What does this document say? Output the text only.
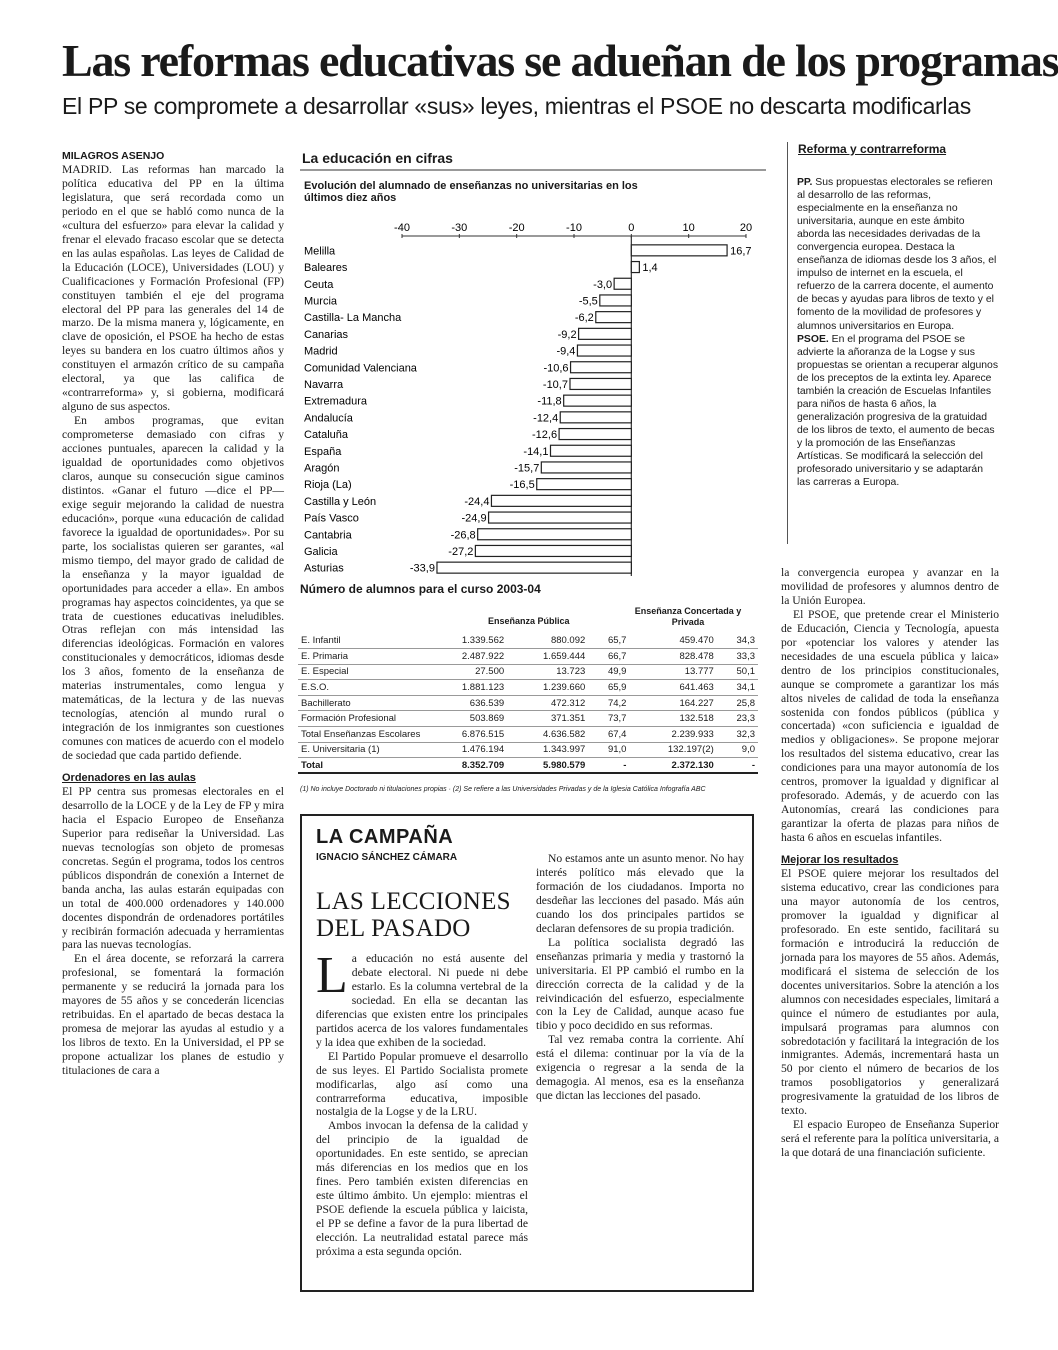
Las reformas educativas se adueñan de los programas
El PP se compromete a desarrollar «sus» leyes, mientras el PSOE no descarta modificarlas

MILAGROS ASENJO

MADRID. Las reformas han marcado la política educativa del PP en la última legislatura, que será recordada como un periodo en el que se habló como nunca de la «cultura del esfuerzo» para elevar la calidad y frenar el elevado fracaso escolar que se detecta en las aulas españolas. Las leyes de Calidad de la Educación (LOCE), Universidades (LOU) y Cualificaciones y Formación Profesional (FP) constituyen también el eje del programa electoral del PP para las generales del 14 de marzo. De la misma manera y, lógicamente, en clave de oposición, el PSOE ha hecho de estas leyes su bandera en los cuatro últimos años y constituyen el armazón crítico de su campaña electoral, ya que las califica de «contrarreforma» y, si gobierna, modificará alguno de sus aspectos.

En ambos programas, que evitan comprometerse demasiado con cifras y acciones puntuales, aparecen la calidad y la igualdad de oportunidades como objetivos claros, aunque su consecución sigue caminos distintos. «Ganar el futuro —dice el PP— exige seguir mejorando la calidad de nuestra educación», porque «una educación de calidad favorece la igualdad de oportunidades». Por su parte, los socialistas quieren ser garantes, «al mismo tiempo, del mayor grado de calidad de la enseñanza y la mayor igualdad de oportunidades para acceder a ella». En ambos programas hay aspectos coincidentes, ya que se trata de cuestiones educativas ineludibles. Otras reflejan con más intensidad las diferencias ideológicas. Formación en valores constitucionales y democráticos, idiomas desde los 3 años, fomento de la enseñanza de materias instrumentales, como lengua y matemáticas, de la lectura y de las nuevas tecnologías, atención al mundo rural o integración de los inmigrantes son cuestiones comunes con matices de acuerdo con el modelo de sociedad que cada partido defiende.

Ordenadores en las aulas

El PP centra sus promesas electorales en el desarrollo de la LOCE y de la Ley de FP y mira hacia el Espacio Europeo de Enseñanza Superior para rediseñar la Universidad. Las nuevas tecnologías son objeto de promesas concretas. Según el programa, todos los centros públicos dispondrán de conexión a Internet de banda ancha, las aulas estarán equipadas con un total de 400.000 ordenadores y 140.000 docentes dispondrán de ordenadores portátiles y recibirán formación adecuada y herramientas para las nuevas tecnologías.

En el área docente, se reforzará la carrera profesional, se fomentará la formación permanente y se reducirá la jornada para los mayores de 55 años y se concederán licencias retribuidas. En el apartado de becas destaca la promesa de mejorar las ayudas al estudio y a los libros de texto. En la Universidad, el PP se propone actualizar los planes de estudio y titulaciones de cara a

-40	-30	-20	-10	0	10	20
Melilla	16,7
Baleares	1,4
Ceuta	-3,0
Murcia	-5,5
Castilla- La Mancha	-6,2
Canarias	-9,2
Madrid	-9,4
Comunidad Valenciana	-10,6
Navarra	-10,7
Extremadura	-11,8
Andalucía	-12,4
Cataluña	-12,6
España	-14,1
Aragón	-15,7
Rioja (La)	-16,5
Castilla y León	-24,4
País Vasco	-24,9
Cantabria	-26,8
Galicia	-27,2
Asturias	-33,9
La educación en cifras
Evolución del alumnado de enseñanzas no universitarias en los últimos diez años
Número de alumnos para el curso 2003-04
Enseñanza Pública
Enseñanza Concertada y Privada
E. Infantil	1.339.562	880.092	65,7	459.470	34,3
E. Primaria	2.487.922	1.659.444	66,7	828.478	33,3
E. Especial	27.500	13.723	49,9	13.777	50,1
E.S.O.	1.881.123	1.239.660	65,9	641.463	34,1
Bachillerato	636.539	472.312	74,2	164.227	25,8
Formación Profesional	503.869	371.351	73,7	132.518	23,3
Total Enseñanzas Escolares	6.876.515	4.636.582	67,4	2.239.933	32,3
E. Universitaria (1)	1.476.194	1.343.997	91,0	132.197(2)	9,0
Total	8.352.709	5.980.579	-	2.372.130	-
(1) No incluye Doctorado ni titulaciones propias · (2) Se refiere a las Universidades Privadas y de la Iglesia Católica Infografía ABC
Reforma y contrarreforma

PP. Sus propuestas electorales se refieren al desarrollo de las reformas, especialmente en la enseñanza no universitaria, aunque en este ámbito aborda las necesidades derivadas de la convergencia europea. Destaca la enseñanza de idiomas desde los 3 años, el impulso de internet en la escuela, el refuerzo de la carrera docente, el aumento de becas y ayudas para libros de texto y el fomento de la movilidad de profesores y alumnos universitarios en Europa.

PSOE. En el programa del PSOE se advierte la añoranza de la Logse y sus propuestas se orientan a recuperar algunos de los preceptos de la extinta ley. Aparece también la creación de Escuelas Infantiles para niños de hasta 6 años, la generalización progresiva de la gratuidad de los libros de texto, el aumento de becas y la promoción de las Enseñanzas Artísticas. Se modificará la selección del profesorado universitario y se adaptarán las carreras a Europa.

la convergencia europea y avanzar en la movilidad de profesores y alumnos dentro de la Unión Europea.

El PSOE, que pretende crear el Ministerio de Educación, Ciencia y Tecnología, apuesta por «potenciar los valores y atender las necesidades de una escuela pública y laica» dentro de los principios constitucionales, aunque se compromete a garantizar los más altos niveles de calidad de toda la enseñanza sostenida con fondos públicos (pública y concertada) «con suficiencia e igualdad de medios y obligaciones». Se propone mejorar los resultados del sistema educativo, crear las condiciones para una mayor autonomía de los centros, promover la igualdad y dignificar al profesorado. Además, y de acuerdo con las Autonomías, creará las condiciones para garantizar la oferta de plazas para niños de hasta 6 años en escuelas infantiles.

Mejorar los resultados

El PSOE quiere mejorar los resultados del sistema educativo, crear las condiciones para una mayor autonomía de los centros, promover la igualdad y dignificar al profesorado. En este sentido, facilitará su formación e introducirá la reducción de jornada para los mayores de 55 años. Además, modificará el sistema de selección de los docentes universitarios. Sobre la atención a los alumnos con necesidades especiales, limitará a quince el número de estudiantes por aula, impulsará programas para alumnos con sobredotación y facilitará la integración de los inmigrantes. Además, incrementará hasta un 50 por ciento el número de becarios de los tramos posobligatorios y generalizará progresivamente la gratuidad de los libros de texto.

El espacio Europeo de Enseñanza Superior será el referente para la política universitaria, a la que dotará de una financiación suficiente.

LA CAMPAÑA
IGNACIO SÁNCHEZ CÁMARA
LAS LECCIONES DEL PASADO

La educación no está ausente del debate electoral. Ni puede ni debe estarlo. Es la columna vertebral de la sociedad. En ella se decantan las diferencias que existen entre los principales partidos acerca de los valores fundamentales y la idea que exhiben de la sociedad.

El Partido Popular promueve el desarrollo de sus leyes. El Partido Socialista promete modificarlas, algo así como una contrarreforma educativa, imposible nostalgia de la Logse y de la LRU.

Ambos invocan la defensa de la calidad y del principio de la igualdad de oportunidades. En este sentido, se aprecian más diferencias en los medios que en los fines. Pero también existen diferencias en este último ámbito. Un ejemplo: mientras el PSOE defiende la escuela pública y laicista, el PP se define a favor de la pura libertad de elección. La neutralidad estatal parece más próxima a esta segunda opción.

No estamos ante un asunto menor. No hay interés político más elevado que la formación de los ciudadanos. Importa no desdeñar las lecciones del pasado. Más aún cuando los dos principales partidos se declaran defensores de su propia tradición.

La política socialista degradó las enseñanzas primaria y media y trastornó la universitaria. El PP cambió el rumbo en la dirección correcta de la calidad y de la reivindicación del esfuerzo, especialmente con la Ley de Calidad, aunque acaso fue tibio y poco decidido en sus reformas.

Tal vez remaba contra la corriente. Ahí está el dilema: continuar por la vía de la exigencia o regresar a la senda de la demagogia. Al menos, esa es la enseñanza que dictan las lecciones del pasado.
